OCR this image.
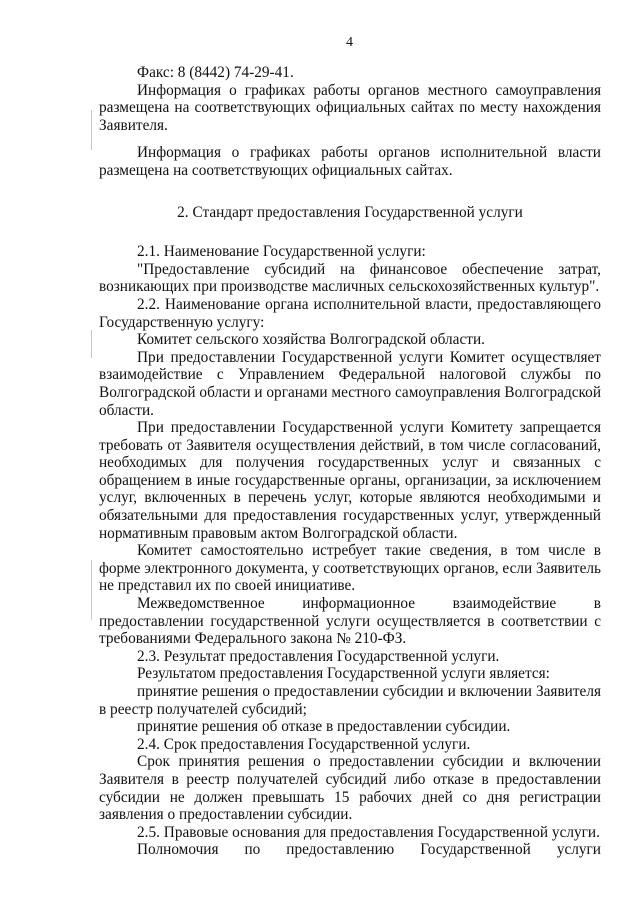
4

Факс: 8 (8442) 74-29-41.

Информация о графиках работы органов местного самоуправления размещена на соответствующих официальных сайтах по месту нахождения Заявителя.

Информация о графиках работы органов исполнительной власти размещена на соответствующих официальных сайтах.

2. Стандарт предоставления Государственной услуги

2.1. Наименование Государственной услуги:

"Предоставление субсидий на финансовое обеспечение затрат, возникающих при производстве масличных сельскохозяйственных культур".

2.2. Наименование органа исполнительной власти, предоставляющего Государственную услугу:

Комитет сельского хозяйства Волгоградской области.

При предоставлении Государственной услуги Комитет осуществляет взаимодействие с Управлением Федеральной налоговой службы по Волгоградской области и органами местного самоуправления Волгоградской области.

При предоставлении Государственной услуги Комитету запрещается требовать от Заявителя осуществления действий, в том числе согласований, необходимых для получения государственных услуг и связанных с обращением в иные государственные органы, организации, за исключением услуг, включенных в перечень услуг, которые являются необходимыми и обязательными для предоставления государственных услуг, утвержденный нормативным правовым актом Волгоградской области.

Комитет самостоятельно истребует такие сведения, в том числе в форме электронного документа, у соответствующих органов, если Заявитель не представил их по своей инициативе.

Межведомственное информационное взаимодействие в предоставлении государственной услуги осуществляется в соответствии с требованиями Федерального закона № 210-ФЗ.

2.3. Результат предоставления Государственной услуги.

Результатом предоставления Государственной услуги является:

принятие решения о предоставлении субсидии и включении Заявителя в реестр получателей субсидий;

принятие решения об отказе в предоставлении субсидии.

2.4. Срок предоставления Государственной услуги.

Срок принятия решения о предоставлении субсидии и включении Заявителя в реестр получателей субсидий либо отказе в предоставлении субсидии не должен превышать 15 рабочих дней со дня регистрации заявления о предоставлении субсидии.

2.5. Правовые основания для предоставления Государственной услуги.

Полномочия по предоставлению Государственной услуги
